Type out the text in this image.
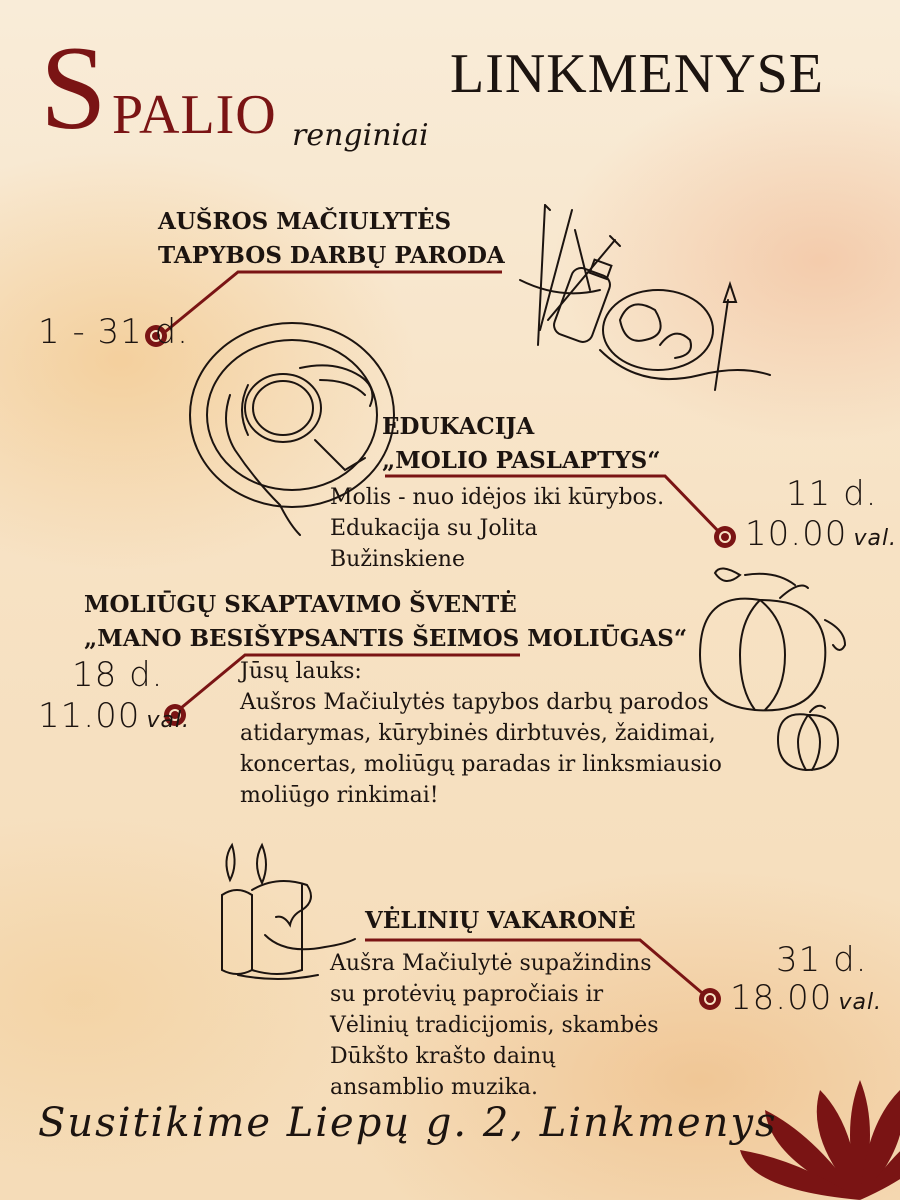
S PALIO renginiai
LINKMENYSE
AUŠROS MAČIULYTĖS
TAPYBOS DARBŲ PARODA
1 - 31 d.
EDUKACIJA
„MOLIO PASLAPTYS“
Molis - nuo idėjos iki kūrybos.
Edukacija su Jolita
Bužinskiene
11 d.
10.00 val.
MOLIŪGŲ SKAPTAVIMO ŠVENTĖ
„MANO BESIŠYPSANTIS ŠEIMOS MOLIŪGAS“
Jūsų lauks:
Aušros Mačiulytės tapybos darbų parodos
atidarymas, kūrybinės dirbtuvės, žaidimai,
koncertas, moliūgų paradas ir linksmiausio
moliūgo rinkimai!
18 d.
11.00 val.
VĖLINIŲ VAKARONĖ
Aušra Mačiulytė supažindins
su protėvių papročiais ir
Vėlinių tradicijomis, skambės
Dūkšto krašto dainų
ansamblio muzika.
31 d.
18.00 val.
Susitikime Liepų g. 2, Linkmenys
